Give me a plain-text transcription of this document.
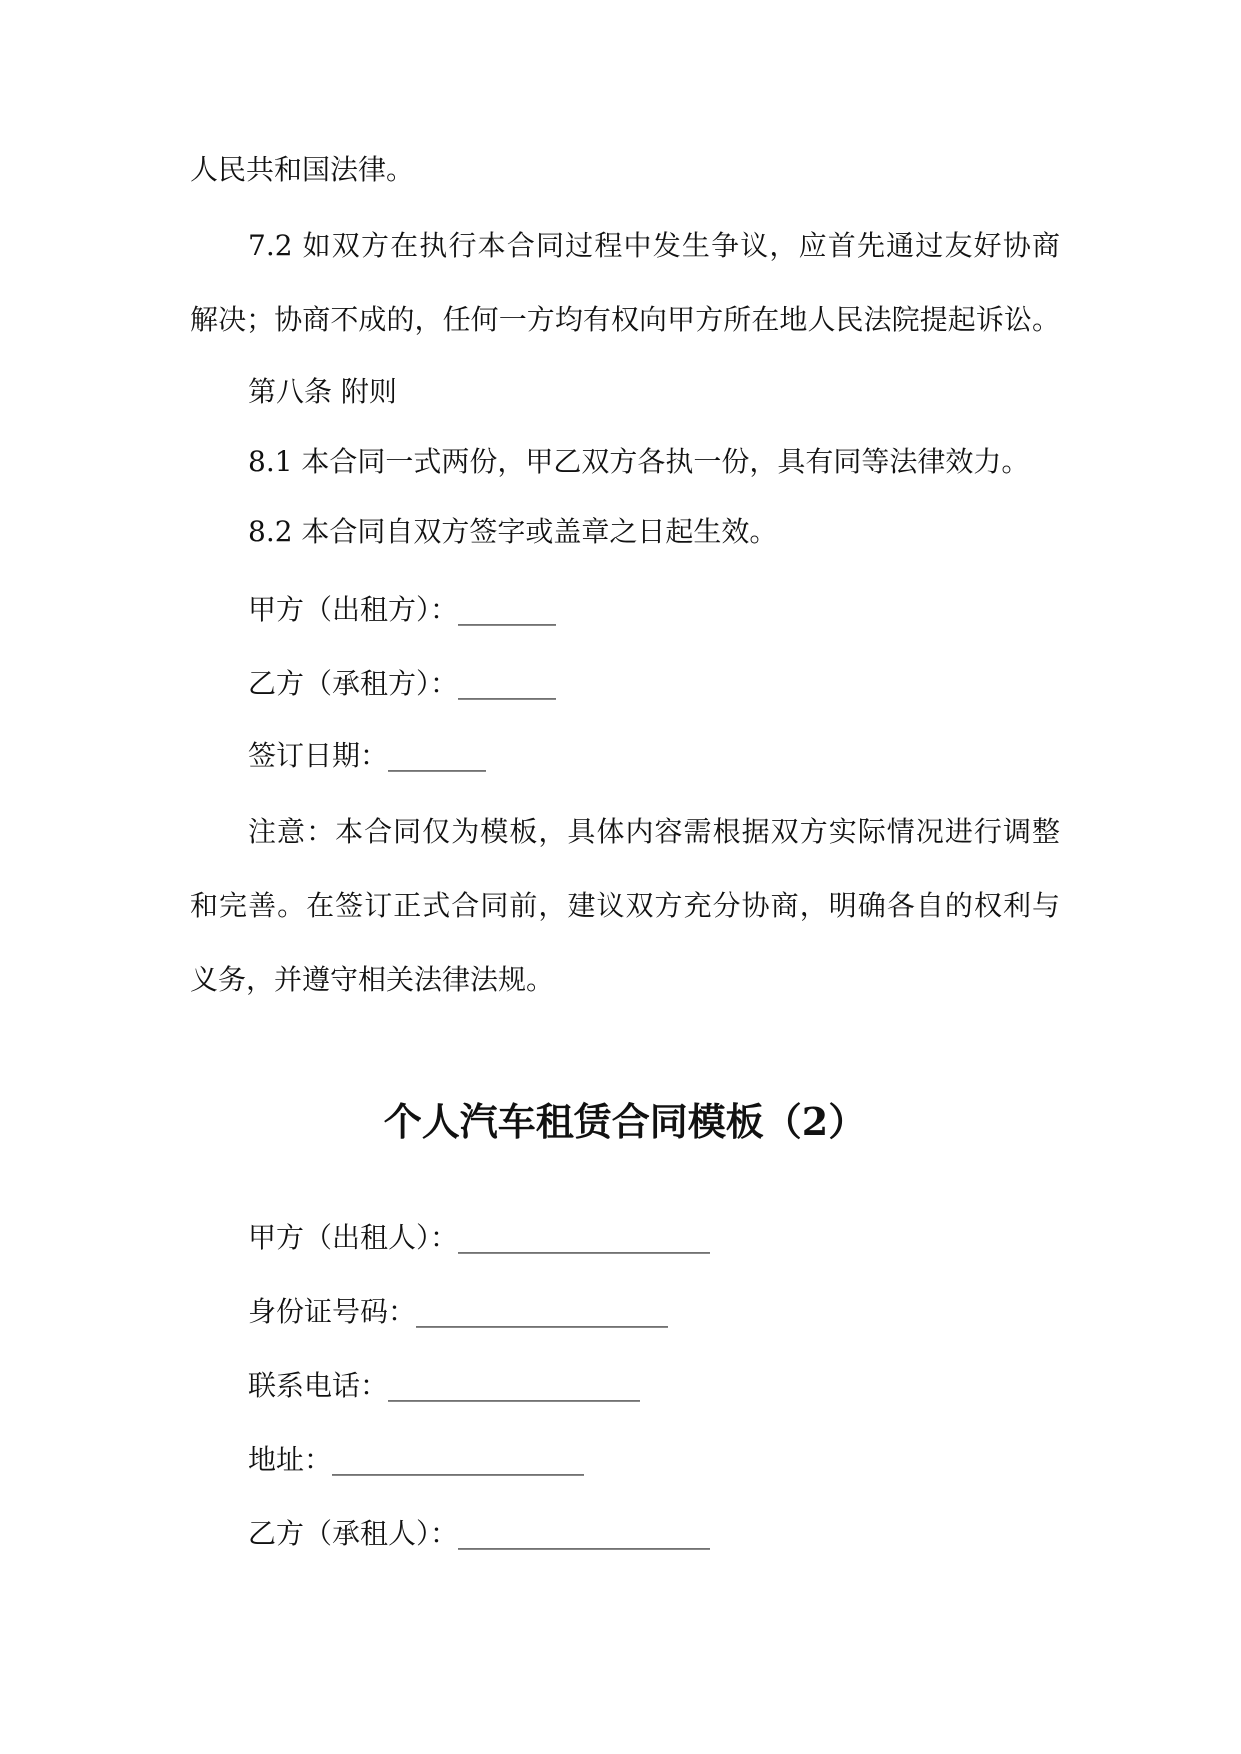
人民共和国法律。
7.2 如双方在执行本合同过程中发生争议，应首先通过友好协商
解决；协商不成的，任何一方均有权向甲方所在地人民法院提起诉讼。
第八条 附则
8.1 本合同一式两份，甲乙双方各执一份，具有同等法律效力。
8.2 本合同自双方签字或盖章之日起生效。
甲方（出租方）：_______
乙方（承租方）：_______
签订日期：_______
注意：本合同仅为模板，具体内容需根据双方实际情况进行调整
和完善。在签订正式合同前，建议双方充分协商，明确各自的权利与
义务，并遵守相关法律法规。
个人汽车租赁合同模板（2）
甲方（出租人）：__________________
身份证号码：__________________
联系电话：__________________
地址：__________________
乙方（承租人）：__________________
